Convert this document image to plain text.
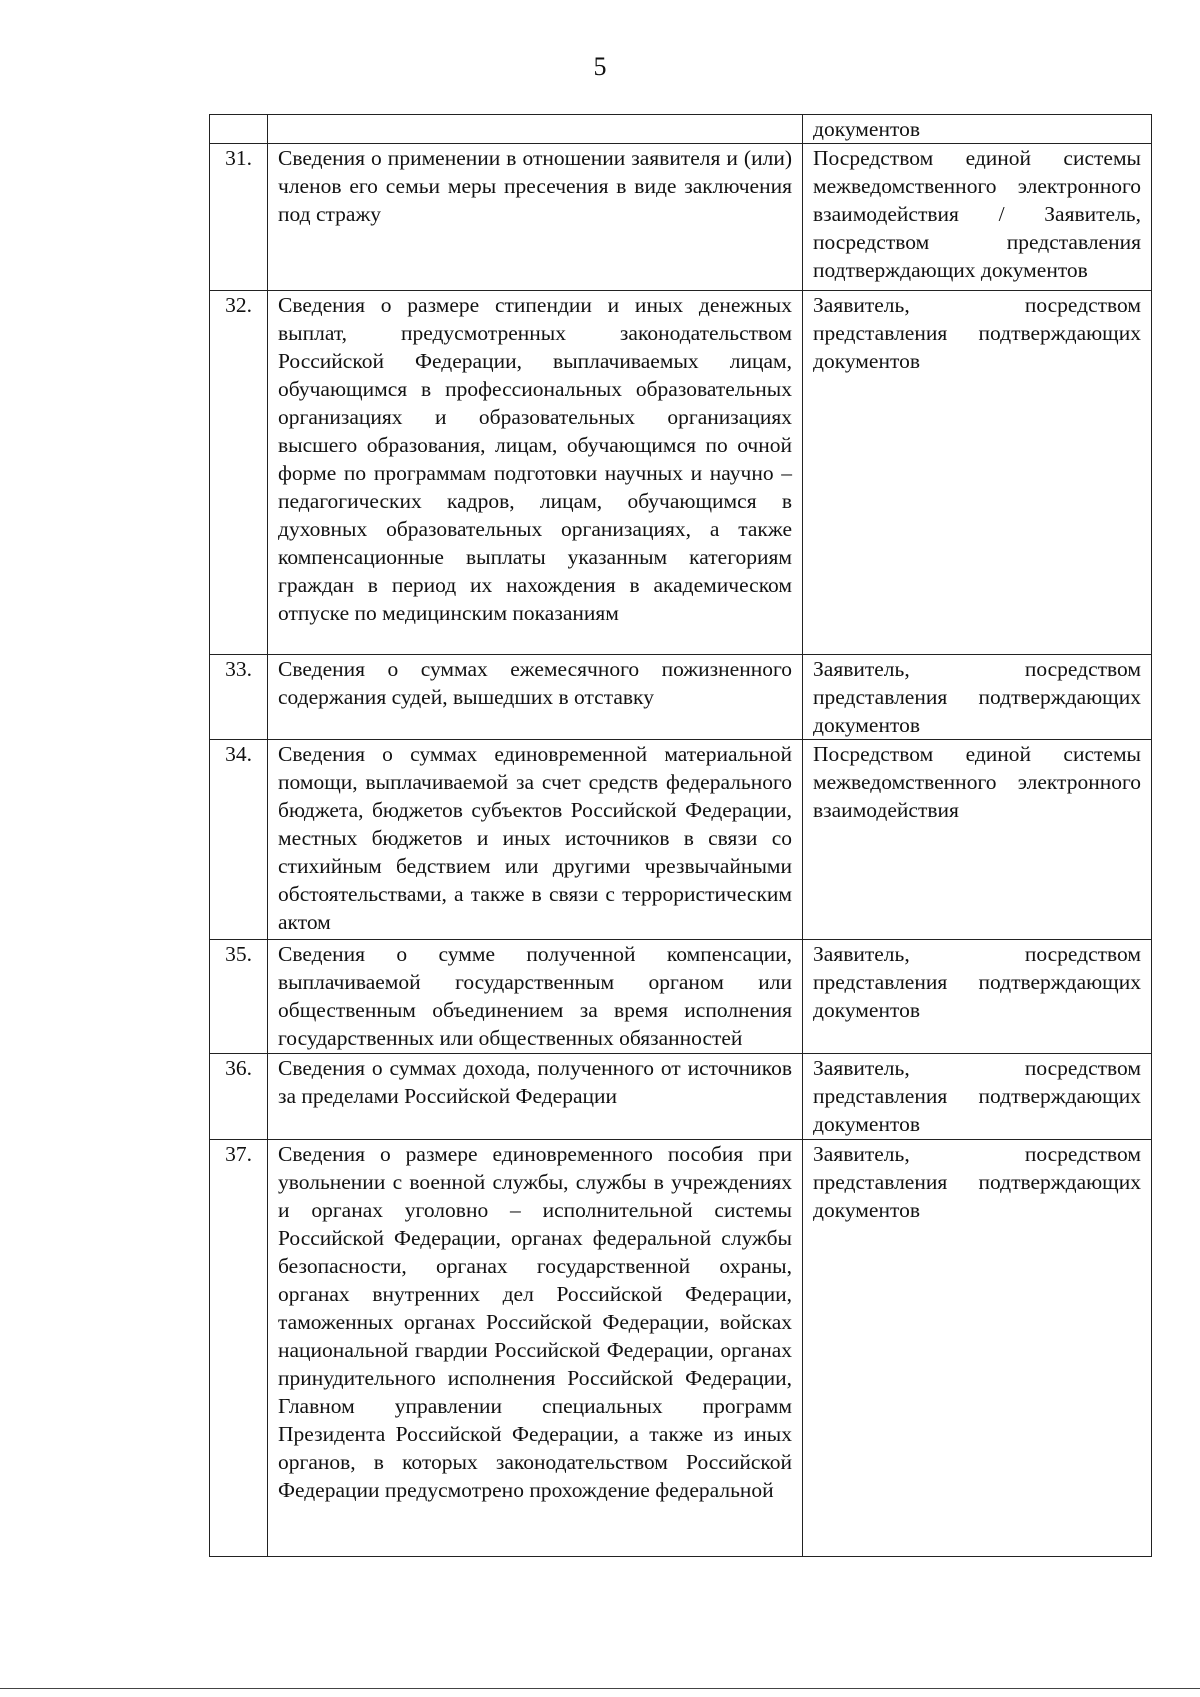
5
		документов
31.	Сведения о применении в отношении заявителя и (или) членов его семьи меры пресечения в виде заключения под стражу	Посредством единой системы межведомственного электронного взаимодействия / Заявитель, посредством представления подтверждающих документов
32.	Сведения о размере стипендии и иных денежных выплат, предусмотренных законодательством Российской Федерации, выплачиваемых лицам, обучающимся в профессиональных образовательных организациях и образовательных организациях высшего образования, лицам, обучающимся по очной форме по программам подготовки научных и научно – педагогических кадров, лицам, обучающимся в духовных образовательных организациях, а также компенсационные выплаты указанным категориям граждан в период их нахождения в академическом отпуске по медицинским показаниям	Заявитель, посредством представления подтверждающих документов
33.	Сведения о суммах ежемесячного пожизненного содержания судей, вышедших в отставку	Заявитель, посредством представления подтверждающих документов
34.	Сведения о суммах единовременной материальной помощи, выплачиваемой за счет средств федерального бюджета, бюджетов субъектов Российской Федерации, местных бюджетов и иных источников в связи со стихийным бедствием или другими чрезвычайными обстоятельствами, а также в связи с террористическим актом	Посредством единой системы межведомственного электронного взаимодействия
35.	Сведения о сумме полученной компенсации, выплачиваемой государственным органом или общественным объединением за время исполнения государственных или общественных обязанностей	Заявитель, посредством представления подтверждающих документов
36.	Сведения о суммах дохода, полученного от источников за пределами Российской Федерации	Заявитель, посредством представления подтверждающих документов
37.	Сведения о размере единовременного пособия при увольнении с военной службы, службы в учреждениях и органах уголовно – исполнительной системы Российской Федерации, органах федеральной службы безопасности, органах государственной охраны, органах внутренних дел Российской Федерации, таможенных органах Российской Федерации, войсках национальной гвардии Российской Федерации, органах принудительного исполнения Российской Федерации, Главном управлении специальных программ Президента Российской Федерации, а также из иных органов, в которых законодательством Российской Федерации предусмотрено прохождение федеральной	Заявитель, посредством представления подтверждающих документов
